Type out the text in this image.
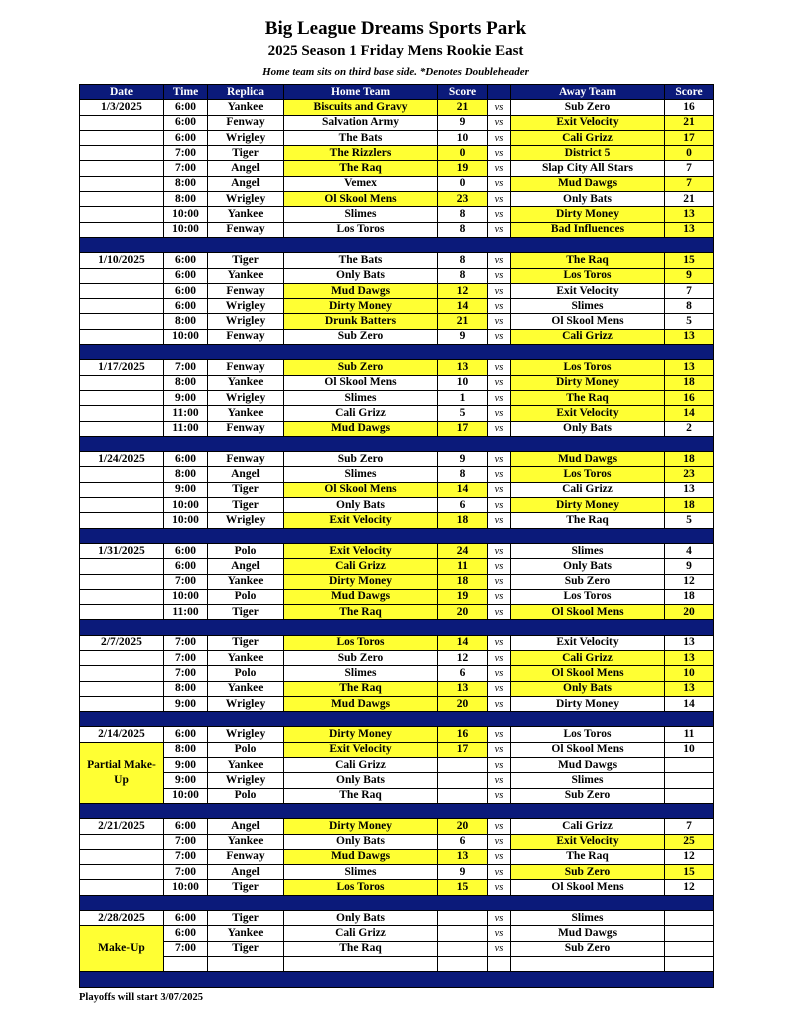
Big League Dreams Sports Park
2025 Season 1 Friday Mens Rookie East
Home team sits on third base side. *Denotes Doubleheader
Date	Time	Replica	Home Team	Score		Away Team	Score
1/3/2025	6:00	Yankee	Biscuits and Gravy	21	vs	Sub Zero	16
	6:00	Fenway	Salvation Army	9	vs	Exit Velocity	21
	6:00	Wrigley	The Bats	10	vs	Cali Grizz	17
	7:00	Tiger	The Rizzlers	0	vs	District 5	0
	7:00	Angel	The Raq	19	vs	Slap City All Stars	7
	8:00	Angel	Vemex	0	vs	Mud Dawgs	7
	8:00	Wrigley	Ol Skool Mens	23	vs	Only Bats	21
	10:00	Yankee	Slimes	8	vs	Dirty Money	13
	10:00	Fenway	Los Toros	8	vs	Bad Influences	13

1/10/2025	6:00	Tiger	The Bats	8	vs	The Raq	15
	6:00	Yankee	Only Bats	8	vs	Los Toros	9
	6:00	Fenway	Mud Dawgs	12	vs	Exit Velocity	7
	6:00	Wrigley	Dirty Money	14	vs	Slimes	8
	8:00	Wrigley	Drunk Batters	21	vs	Ol Skool Mens	5
	10:00	Fenway	Sub Zero	9	vs	Cali Grizz	13

1/17/2025	7:00	Fenway	Sub Zero	13	vs	Los Toros	13
	8:00	Yankee	Ol Skool Mens	10	vs	Dirty Money	18
	9:00	Wrigley	Slimes	1	vs	The Raq	16
	11:00	Yankee	Cali Grizz	5	vs	Exit Velocity	14
	11:00	Fenway	Mud Dawgs	17	vs	Only Bats	2

1/24/2025	6:00	Fenway	Sub Zero	9	vs	Mud Dawgs	18
	8:00	Angel	Slimes	8	vs	Los Toros	23
	9:00	Tiger	Ol Skool Mens	14	vs	Cali Grizz	13
	10:00	Tiger	Only Bats	6	vs	Dirty Money	18
	10:00	Wrigley	Exit Velocity	18	vs	The Raq	5

1/31/2025	6:00	Polo	Exit Velocity	24	vs	Slimes	4
	6:00	Angel	Cali Grizz	11	vs	Only Bats	9
	7:00	Yankee	Dirty Money	18	vs	Sub Zero	12
	10:00	Polo	Mud Dawgs	19	vs	Los Toros	18
	11:00	Tiger	The Raq	20	vs	Ol Skool Mens	20

2/7/2025	7:00	Tiger	Los Toros	14	vs	Exit Velocity	13
	7:00	Yankee	Sub Zero	12	vs	Cali Grizz	13
	7:00	Polo	Slimes	6	vs	Ol Skool Mens	10
	8:00	Yankee	The Raq	13	vs	Only Bats	13
	9:00	Wrigley	Mud Dawgs	20	vs	Dirty Money	14

2/14/2025	6:00	Wrigley	Dirty Money	16	vs	Los Toros	11
Partial Make-Up	8:00	Polo	Exit Velocity	17	vs	Ol Skool Mens	10
	9:00	Yankee	Cali Grizz		vs	Mud Dawgs	
	9:00	Wrigley	Only Bats		vs	Slimes	
	10:00	Polo	The Raq		vs	Sub Zero	

2/21/2025	6:00	Angel	Dirty Money	20	vs	Cali Grizz	7
	7:00	Yankee	Only Bats	6	vs	Exit Velocity	25
	7:00	Fenway	Mud Dawgs	13	vs	The Raq	12
	7:00	Angel	Slimes	9	vs	Sub Zero	15
	10:00	Tiger	Los Toros	15	vs	Ol Skool Mens	12

2/28/2025	6:00	Tiger	Only Bats		vs	Slimes	
Make-Up	6:00	Yankee	Cali Grizz		vs	Mud Dawgs	
	7:00	Tiger	The Raq		vs	Sub Zero	

Playoffs will start 3/07/2025
